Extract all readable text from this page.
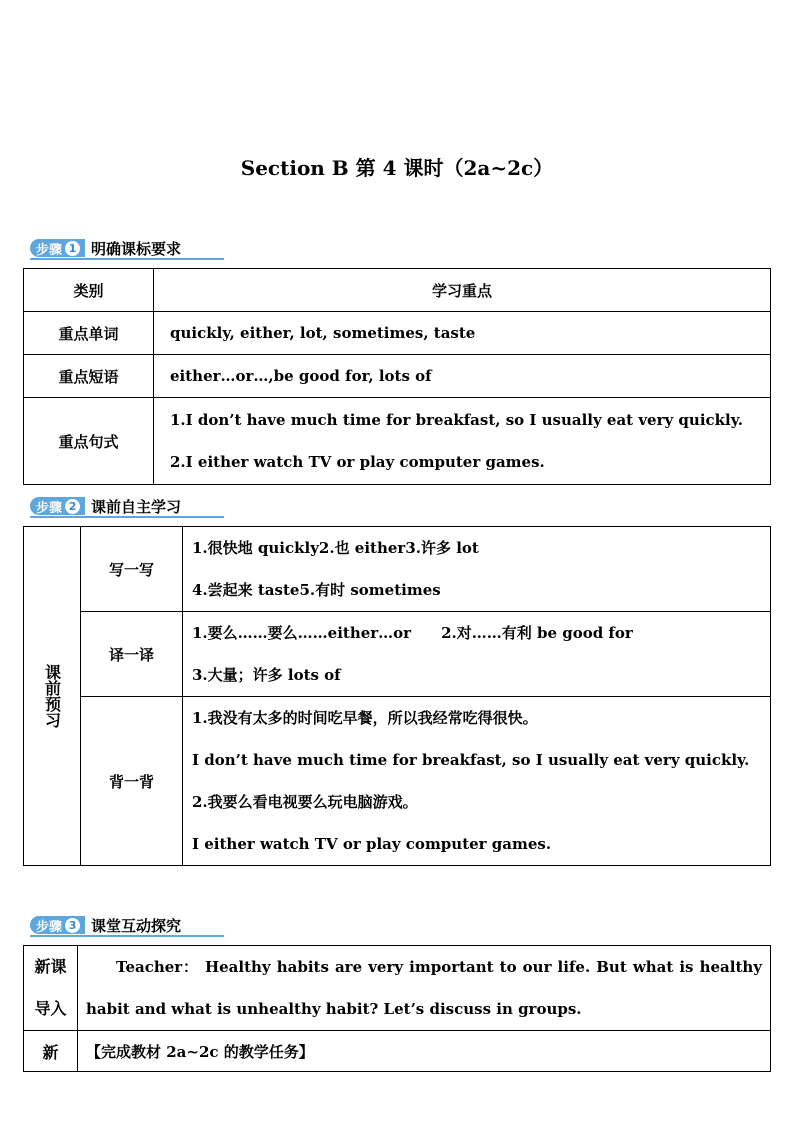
Section B 第 4 课时（2a~2c）
步骤 1 明确课标要求
类别	学习重点
重点单词	quickly, either, lot, sometimes, taste
重点短语	either…or…,be good for, lots of
重点句式	1.I don’t have much time for breakfast, so I usually eat very quickly.
2.I either watch TV or play computer games.
步骤 2 课前自主学习
课前预习	写一写	1.很快地 quickly2.也 either3.许多 lot
4.尝起来 taste5.有时 sometimes

	译一译	1.要么……要么……either…or　　2.对……有利 be good for
3.大量；许多 lots of

	背一背	1.我没有太多的时间吃早餐，所以我经常吃得很快。
I don’t have much time for breakfast, so I usually eat very quickly.
2.我要么看电视要么玩电脑游戏。
I either watch TV or play computer games.
步骤 3 课堂互动探究
新课导入	Teacher： Healthy habits are very important to our life. But what is healthy
habit and what is unhealthy habit? Let’s discuss in groups.

新	【完成教材 2a~2c 的教学任务】
